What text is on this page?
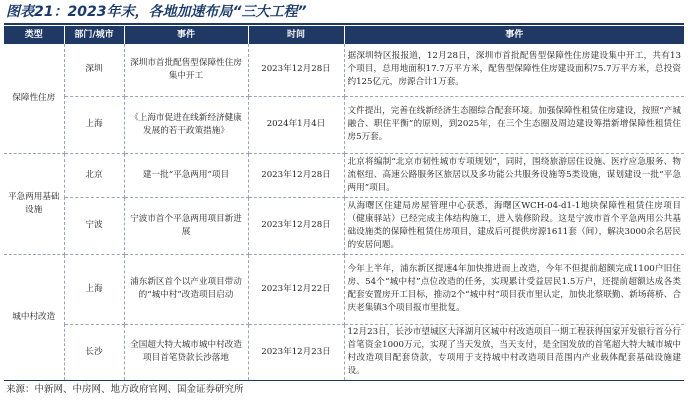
图表21：2023年末，各地加速布局“三大工程”
类型	部门/城市	事件	时间	事件
保障性住房	深圳	深圳市首批配售型保障性住房集中开工	2023年12月28日	据深圳特区报报道，12月28日，深圳市首批配售型保障性住房建设集中开工，共有13个项目，总用地面积17.7万平方米，配售型保障性住房建设面积75.7万平方米，总投资约125亿元，房源合计1万套。
	上海	《上海市促进在线新经济健康发展的若干政策措施》	2024年1月4日	文件提出，完善在线新经济生态圈综合配套环境。加强保障性租赁住房建设，按照“产城融合、职住平衡”的原则，到2025年，在三个生态圈及周边建设筹措新增保障性租赁住房5万套。
平急两用基础设施	北京	建一批“平急两用”项目	2023年12月28日	北京将编制“北京市韧性城市专项规划”，同时，围绕旅游居住设施、医疗应急服务、物流枢纽、高速公路服务区旅居以及多功能公共服务设施等5类设施，谋划建设一批“平急两用”项目。
	宁波	宁波市首个平急两用项目新进展	2023年12月28日	从海曙区住建局房屋管理中心获悉，海曙区WCH-04-d1-1地块保障性租赁住房项目（健康驿站）已经完成主体结构施工，进入装修阶段。这是宁波市首个平急两用公共基础设施类的保障性租赁住房项目，建成后可提供房源1611套（间），解决3000余名居民的安居问题。
城中村改造	上海	浦东新区首个以产业项目带动的“城中村”改造项目启动	2023年12月22日	今年上半年，浦东新区提速4年加快推进而上改造，今年不但提前超额完成1100户旧住房、54个“城中村”点位改造的任务，实现累计受益居民1.5万户，还提前超额达成各类配套安置房开工目标，推动2个“城中村”项目获市里认定，加快北蔡联勤、新场蒋桥、合庆老集镇3个项目报市里批复。
	长沙	全国超大特大城市城中村改造项目首笔贷款长沙落地	2023年12月23日	12月23日，长沙市望城区大泽湖月区城中村改造项目一期工程获得国家开发银行首分行首笔资金1000万元，实现了当天发放，当天支付，是全国发放的首笔超大特大城市城中村改造项目配套贷款，专项用于支持城中村改造项目范围内产业载体配套基础设施建设。
来源：中新网、中房网、地方政府官网、国金证券研究所
